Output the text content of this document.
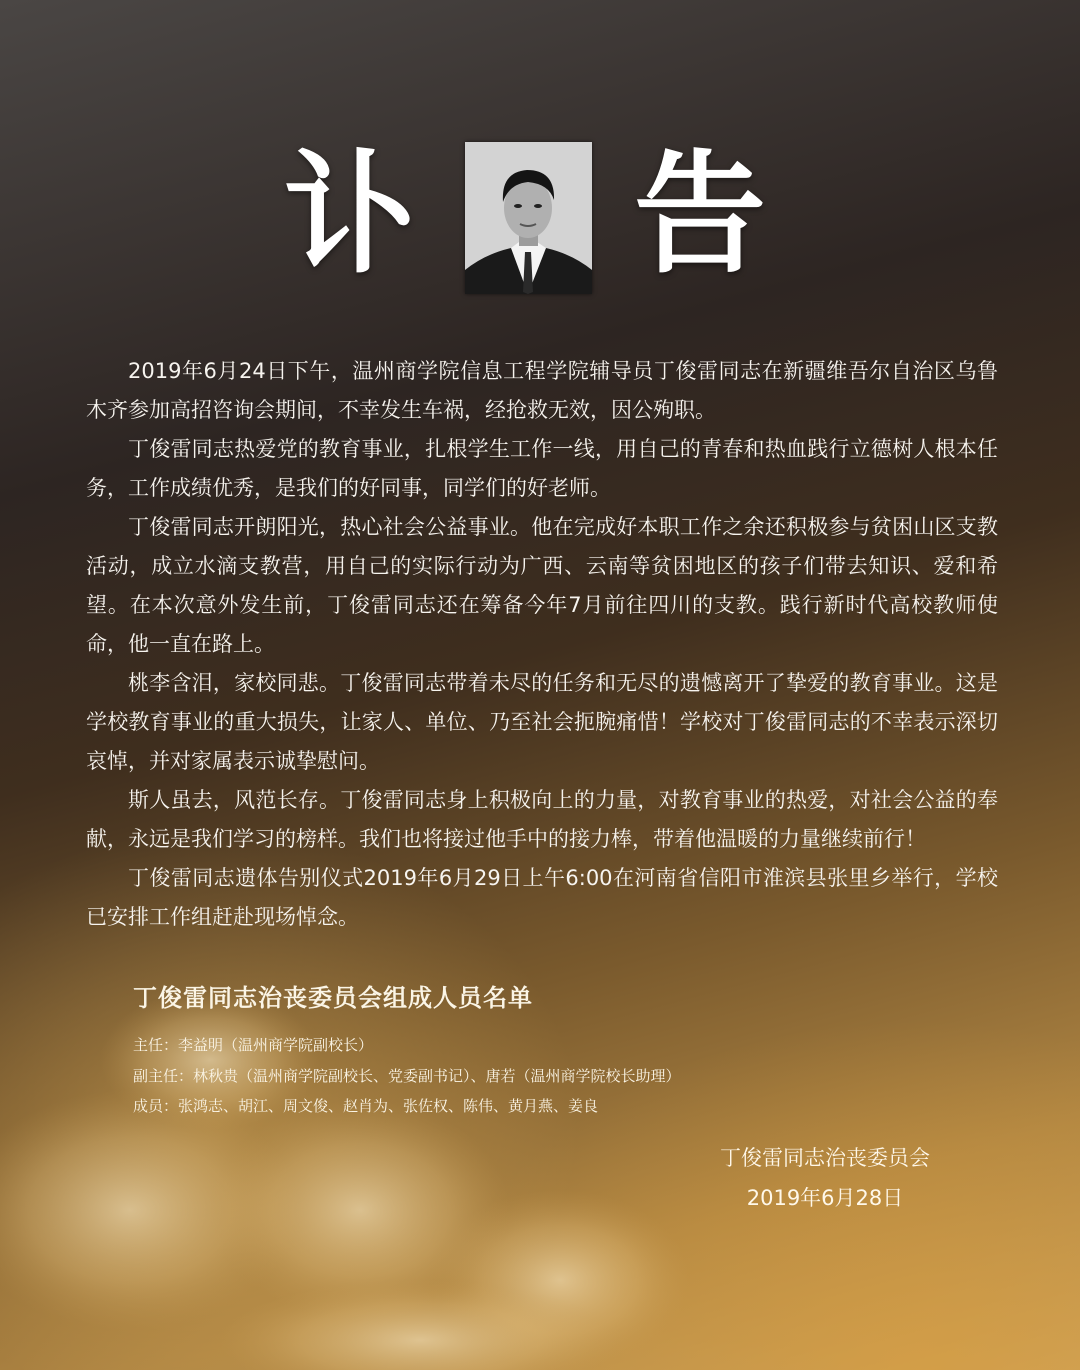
讣 告

2019年6月24日下午，温州商学院信息工程学院辅导员丁俊雷同志在新疆维吾尔自治区乌鲁木齐参加高招咨询会期间，不幸发生车祸，经抢救无效，因公殉职。

丁俊雷同志热爱党的教育事业，扎根学生工作一线，用自己的青春和热血践行立德树人根本任务，工作成绩优秀，是我们的好同事，同学们的好老师。

丁俊雷同志开朗阳光，热心社会公益事业。他在完成好本职工作之余还积极参与贫困山区支教活动，成立水滴支教营，用自己的实际行动为广西、云南等贫困地区的孩子们带去知识、爱和希望。在本次意外发生前，丁俊雷同志还在筹备今年7月前往四川的支教。践行新时代高校教师使命，他一直在路上。

桃李含泪，家校同悲。丁俊雷同志带着未尽的任务和无尽的遗憾离开了挚爱的教育事业。这是学校教育事业的重大损失，让家人、单位、乃至社会扼腕痛惜！学校对丁俊雷同志的不幸表示深切哀悼，并对家属表示诚挚慰问。

斯人虽去，风范长存。丁俊雷同志身上积极向上的力量，对教育事业的热爱，对社会公益的奉献，永远是我们学习的榜样。我们也将接过他手中的接力棒，带着他温暖的力量继续前行！

丁俊雷同志遗体告别仪式2019年6月29日上午6:00在河南省信阳市淮滨县张里乡举行，学校已安排工作组赶赴现场悼念。

丁俊雷同志治丧委员会组成人员名单
主任：李益明（温州商学院副校长）
副主任：林秋贵（温州商学院副校长、党委副书记）、唐若（温州商学院校长助理）
成员：张鸿志、胡江、周文俊、赵肖为、张佐权、陈伟、黄月燕、姜良
丁俊雷同志治丧委员会
2019年6月28日
